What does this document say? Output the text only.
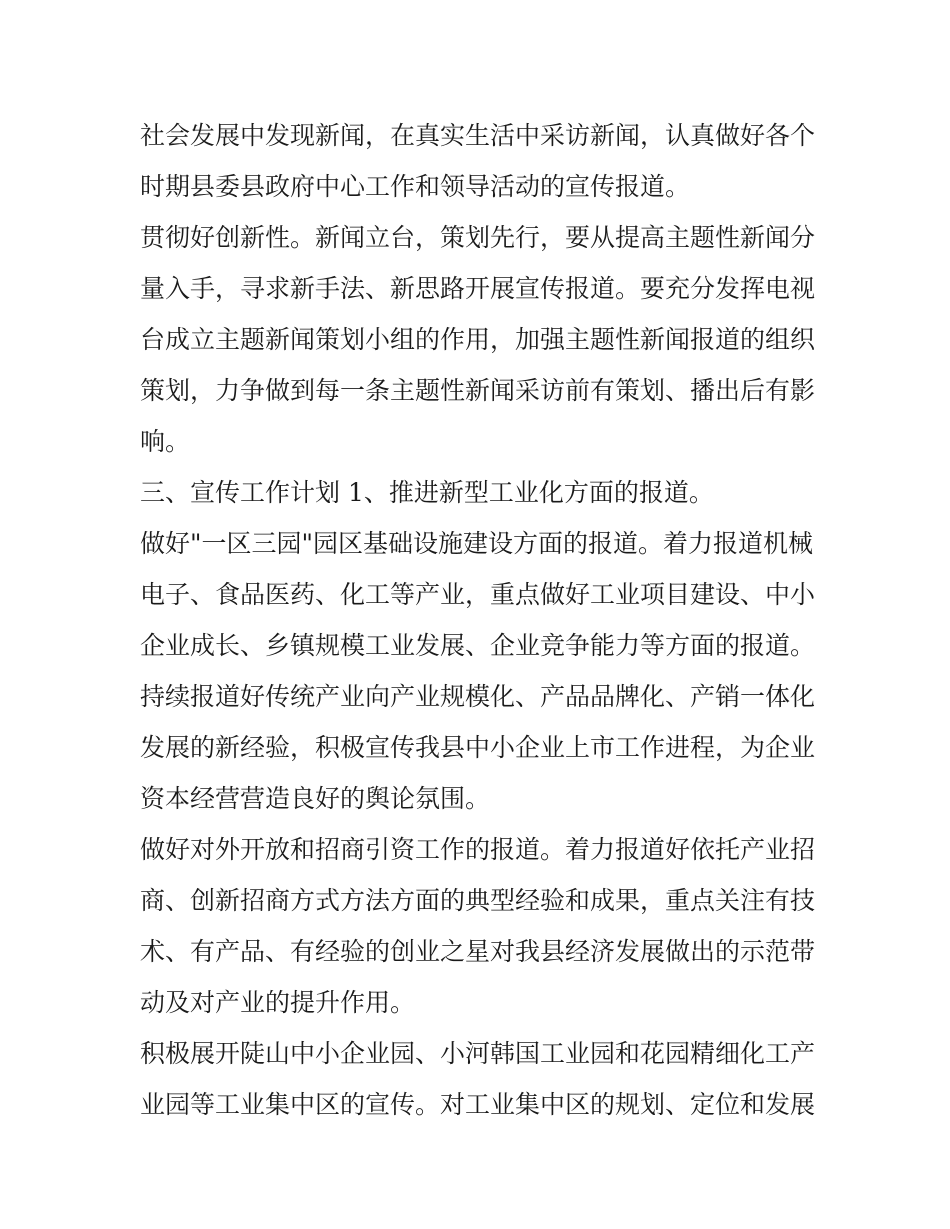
社会发展中发现新闻，在真实生活中采访新闻，认真做好各个

时期县委县政府中心工作和领导活动的宣传报道。

贯彻好创新性。新闻立台，策划先行，要从提高主题性新闻分

量入手，寻求新手法、新思路开展宣传报道。要充分发挥电视

台成立主题新闻策划小组的作用，加强主题性新闻报道的组织

策划，力争做到每一条主题性新闻采访前有策划、播出后有影

响。

三、宣传工作计划 1、推进新型工业化方面的报道。

做好"一区三园"园区基础设施建设方面的报道。着力报道机械

电子、食品医药、化工等产业，重点做好工业项目建设、中小

企业成长、乡镇规模工业发展、企业竞争能力等方面的报道。

持续报道好传统产业向产业规模化、产品品牌化、产销一体化

发展的新经验，积极宣传我县中小企业上市工作进程，为企业

资本经营营造良好的舆论氛围。

做好对外开放和招商引资工作的报道。着力报道好依托产业招

商、创新招商方式方法方面的典型经验和成果，重点关注有技

术、有产品、有经验的创业之星对我县经济发展做出的示范带

动及对产业的提升作用。

积极展开陡山中小企业园、小河韩国工业园和花园精细化工产

业园等工业集中区的宣传。对工业集中区的规划、定位和发展
